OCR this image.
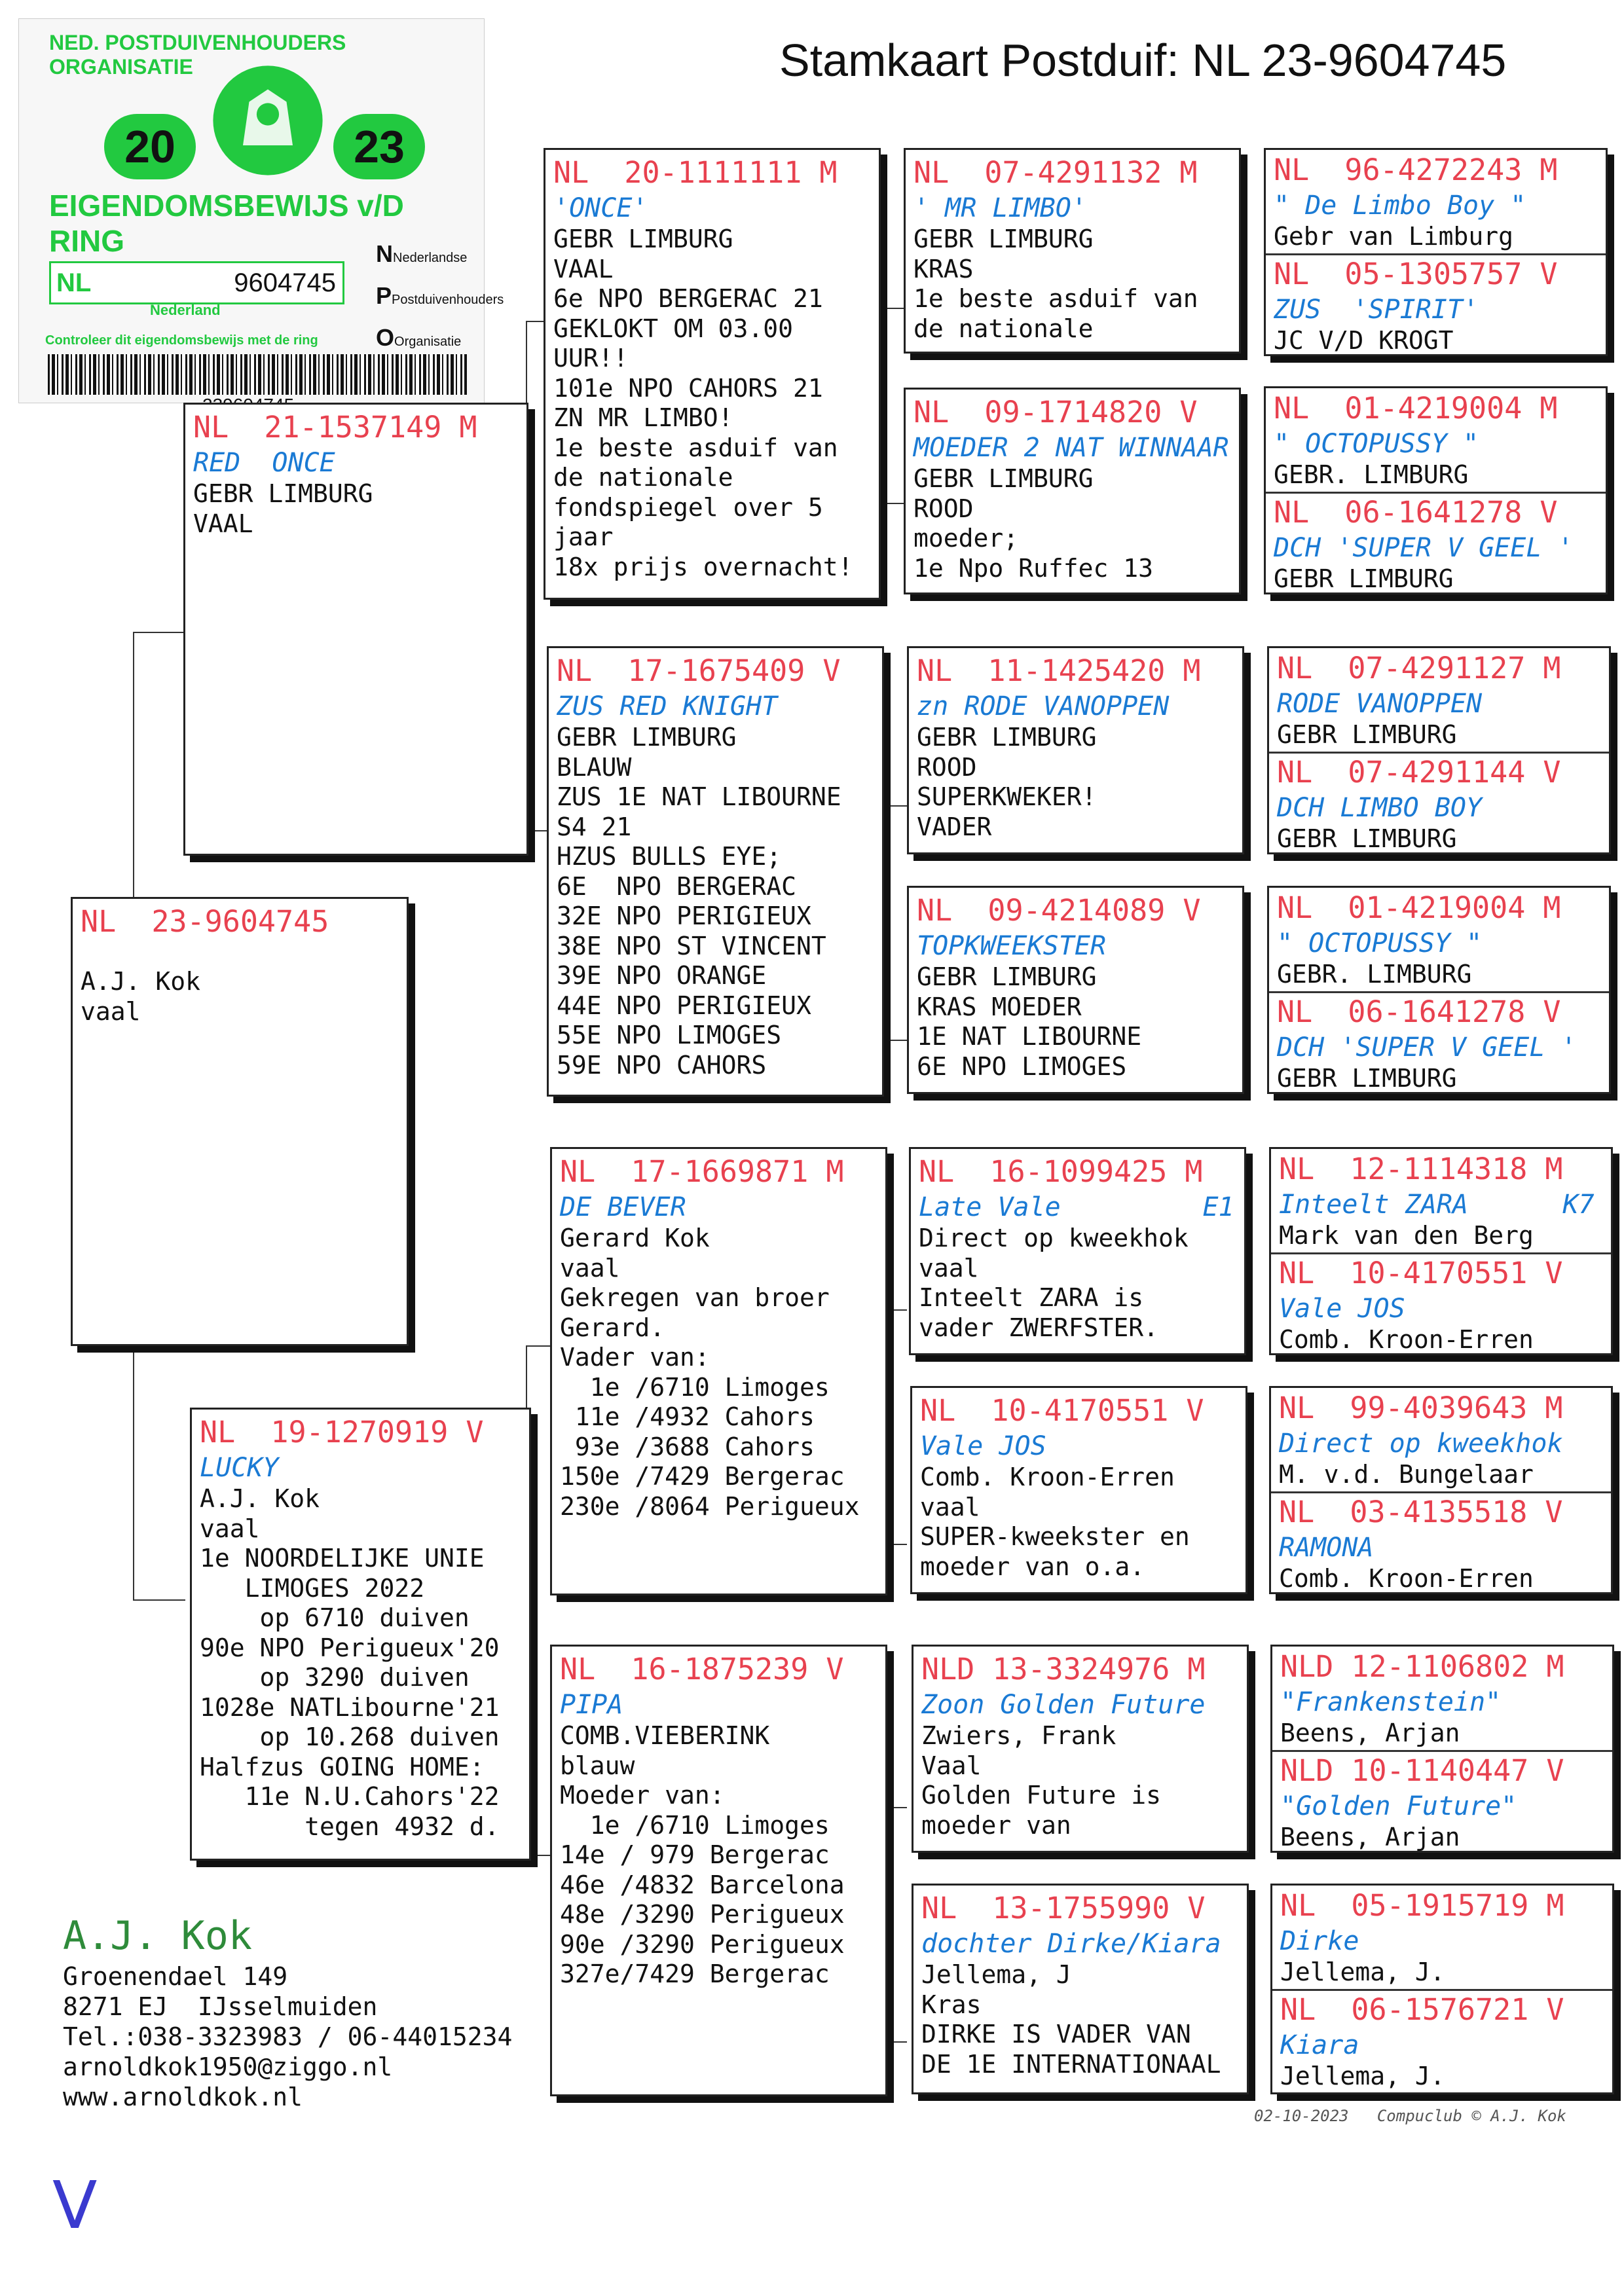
Stamkaart Postduif: NL 23-9604745
NED. POSTDUIVENHOUDERS ORGANISATIE
20	23
EIGENDOMSBEWIJS v/D RING
NL	9604745
Nederland
NNederlandse
PPostduivenhouders
OOrganisatie
Controleer dit eigendomsbewijs met de ring
NL  23-9604745
A.J. Kok
vaal
NL  21-1537149 M
RED  ONCE
GEBR LIMBURG
VAAL
NL  19-1270919 V
LUCKY
A.J. Kok
vaal
1e NOORDELIJKE UNIE
LIMOGES 2022
op 6710 duiven
90e NPO Perigueux'20
op 3290 duiven
1028e NATLibourne'21
op 10.268 duiven
Halfzus GOING HOME:
11e N.U.Cahors'22
tegen 4932 d.
NL  20-1111111 M
'ONCE'
GEBR LIMBURG
VAAL
6e NPO BERGERAC 21
GEKLOKT OM 03.00
UUR!!
101e NPO CAHORS 21
ZN MR LIMBO!
1e beste asduif van
de nationale
fondspiegel over 5
jaar
18x prijs overnacht!
NL  17-1675409 V
ZUS RED KNIGHT
GEBR LIMBURG
BLAUW
ZUS 1E NAT LIBOURNE
S4 21
HZUS BULLS EYE;
6E  NPO BERGERAC
32E NPO PERIGIEUX
38E NPO ST VINCENT
39E NPO ORANGE
44E NPO PERIGIEUX
55E NPO LIMOGES
59E NPO CAHORS
NL  17-1669871 M
DE BEVER
Gerard Kok
vaal
Gekregen van broer
Gerard.
Vader van:
1e /6710 Limoges
11e /4932 Cahors
93e /3688 Cahors
150e /7429 Bergerac
230e /8064 Perigueux
NL  16-1875239 V
PIPA
COMB.VIEBERINK
blauw
Moeder van:
1e /6710 Limoges
14e / 979 Bergerac
46e /4832 Barcelona
48e /3290 Perigueux
90e /3290 Perigueux
327e/7429 Bergerac
NL  07-4291132 M
' MR LIMBO'
GEBR LIMBURG
KRAS
1e beste asduif van
de nationale
NL  09-1714820 V
MOEDER 2 NAT WINNAAR
GEBR LIMBURG
ROOD
moeder;
1e Npo Ruffec 13
NL  11-1425420 M
zn RODE VANOPPEN
GEBR LIMBURG
ROOD
SUPERKWEKER!
VADER
NL  09-4214089 V
TOPKWEEKSTER
GEBR LIMBURG
KRAS MOEDER
1E NAT LIBOURNE
6E NPO LIMOGES
NL  16-1099425 M
Late Vale         E1
Direct op kweekhok
vaal
Inteelt ZARA is
vader ZWERFSTER.
NL  10-4170551 V
Vale JOS
Comb. Kroon-Erren
vaal
SUPER-kweekster en
moeder van o.a.
NLD 13-3324976 M
Zoon Golden Future
Zwiers, Frank
Vaal
Golden Future is
moeder van
NL  13-1755990 V
dochter Dirke/Kiara
Jellema, J
Kras
DIRKE IS VADER VAN
DE 1E INTERNATIONAAL
NL  96-4272243 M
" De Limbo Boy "
Gebr van Limburg
NL  05-1305757 V
ZUS  'SPIRIT'
JC V/D KROGT
NL  01-4219004 M
" OCTOPUSSY "
GEBR. LIMBURG
NL  06-1641278 V
DCH 'SUPER V GEEL '
GEBR LIMBURG
NL  07-4291127 M
RODE VANOPPEN
GEBR LIMBURG
NL  07-4291144 V
DCH LIMBO BOY
GEBR LIMBURG
NL  01-4219004 M
" OCTOPUSSY "
GEBR. LIMBURG
NL  06-1641278 V
DCH 'SUPER V GEEL '
GEBR LIMBURG
NL  12-1114318 M
Inteelt ZARA      K7
Mark van den Berg
NL  10-4170551 V
Vale JOS
Comb. Kroon-Erren
NL  99-4039643 M
Direct op kweekhok
M. v.d. Bungelaar
NL  03-4135518 V
RAMONA
Comb. Kroon-Erren
NLD 12-1106802 M
"Frankenstein"
Beens, Arjan
NLD 10-1140447 V
"Golden Future"
Beens, Arjan
NL  05-1915719 M
Dirke
Jellema, J.
NL  06-1576721 V
Kiara
Jellema, J.
A.J. Kok
Groenendael 149
8271 EJ  IJsselmuiden
Tel.:038-3323983 / 06-44015234
arnoldkok1950@ziggo.nl
www.arnoldkok.nl
02-10-2023 Compuclub © A.J. Kok
V
